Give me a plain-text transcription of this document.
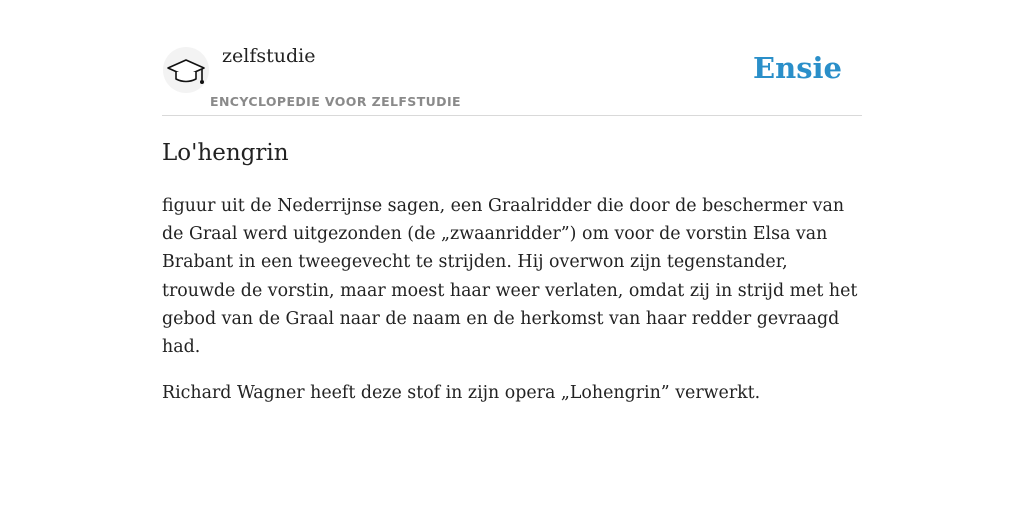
zelfstudie
ENCYCLOPEDIE VOOR ZELFSTUDIE
Ensie
Lo'hengrin

figuur uit de Nederrijnse sagen, een Graalridder die door de beschermer van de Graal werd uitgezonden (de „zwaanridder”) om voor de vorstin Elsa van Brabant in een tweegevecht te strijden. Hij overwon zijn tegenstander, trouwde de vorstin, maar moest haar weer verlaten, omdat zij in strijd met het gebod van de Graal naar de naam en de herkomst van haar redder gevraagd had.

Richard Wagner heeft deze stof in zijn opera „Lohengrin” verwerkt.
